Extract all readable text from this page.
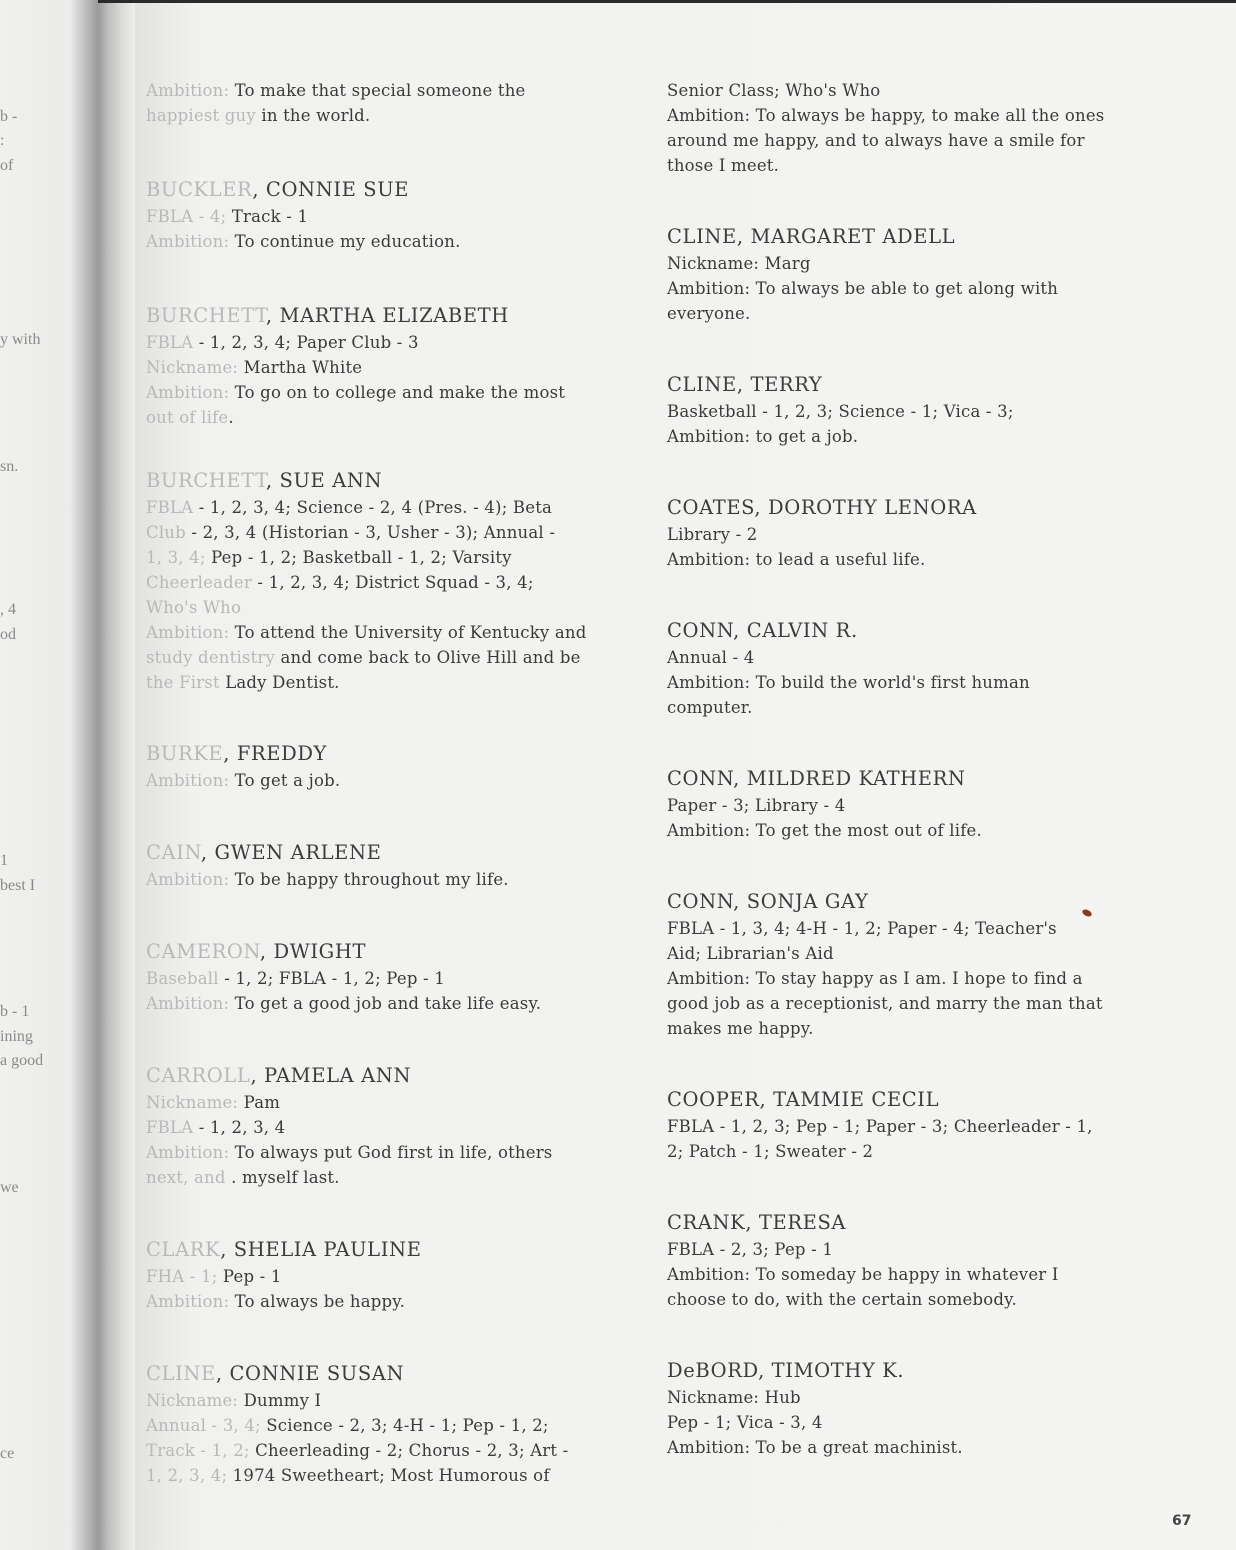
b -
:
of
y with
sn.
, 4
od
1
best I
b - 1
ining
a good
we
ce
Ambition: To make that special someone the
happiest guy in the world.
BUCKLER, CONNIE SUE
FBLA - 4; Track - 1
Ambition: To continue my education.
BURCHETT, MARTHA ELIZABETH
FBLA - 1, 2, 3, 4; Paper Club - 3
Nickname: Martha White
Ambition: To go on to college and make the most
out of life.
BURCHETT, SUE ANN
FBLA - 1, 2, 3, 4; Science - 2, 4 (Pres. - 4); Beta
Club - 2, 3, 4 (Historian - 3, Usher - 3); Annual -
1, 3, 4; Pep - 1, 2; Basketball - 1, 2; Varsity
Cheerleader - 1, 2, 3, 4; District Squad - 3, 4;
Who's Who
Ambition: To attend the University of Kentucky and
study dentistry and come back to Olive Hill and be
the First Lady Dentist.
BURKE, FREDDY
Ambition: To get a job.
CAIN, GWEN ARLENE
Ambition: To be happy throughout my life.
CAMERON, DWIGHT
Baseball - 1, 2; FBLA - 1, 2; Pep - 1
Ambition: To get a good job and take life easy.
CARROLL, PAMELA ANN
Nickname: Pam
FBLA - 1, 2, 3, 4
Ambition: To always put God first in life, others
next, and . myself last.
CLARK, SHELIA PAULINE
FHA - 1; Pep - 1
Ambition: To always be happy.
CLINE, CONNIE SUSAN
Nickname: Dummy I
Annual - 3, 4; Science - 2, 3; 4-H - 1; Pep - 1, 2;
Track - 1, 2; Cheerleading - 2; Chorus - 2, 3; Art -
1, 2, 3, 4; 1974 Sweetheart; Most Humorous of
Senior Class; Who's Who
Ambition: To always be happy, to make all the ones
around me happy, and to always have a smile for
those I meet.
CLINE, MARGARET ADELL
Nickname: Marg
Ambition: To always be able to get along with
everyone.
CLINE, TERRY
Basketball - 1, 2, 3; Science - 1; Vica - 3;
Ambition: to get a job.
COATES, DOROTHY LENORA
Library - 2
Ambition: to lead a useful life.
CONN, CALVIN R.
Annual - 4
Ambition: To build the world's first human
computer.
CONN, MILDRED KATHERN
Paper - 3; Library - 4
Ambition: To get the most out of life.
CONN, SONJA GAY
FBLA - 1, 3, 4; 4-H - 1, 2; Paper - 4; Teacher's
Aid; Librarian's Aid
Ambition: To stay happy as I am. I hope to find a
good job as a receptionist, and marry the man that
makes me happy.
COOPER, TAMMIE CECIL
FBLA - 1, 2, 3; Pep - 1; Paper - 3; Cheerleader - 1,
2; Patch - 1; Sweater - 2
CRANK, TERESA
FBLA - 2, 3; Pep - 1
Ambition: To someday be happy in whatever I
choose to do, with the certain somebody.
DeBORD, TIMOTHY K.
Nickname: Hub
Pep - 1; Vica - 3, 4
Ambition: To be a great machinist.
67
